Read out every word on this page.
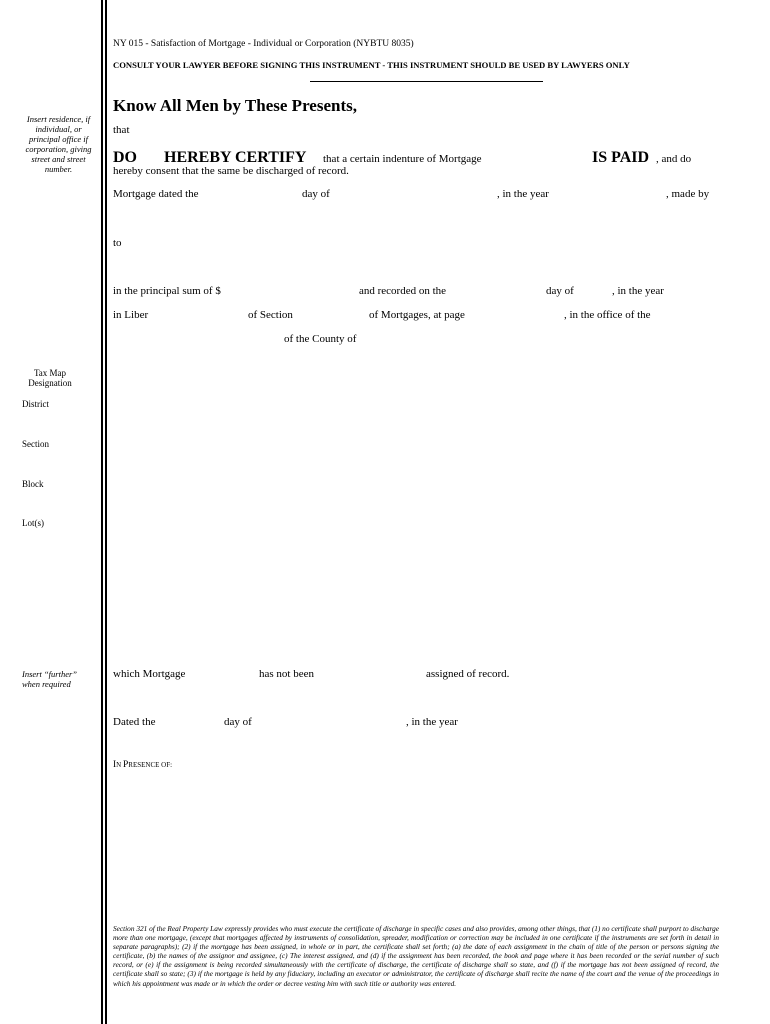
NY 015 - Satisfaction of Mortgage - Individual or Corporation (NYBTU 8035)
CONSULT YOUR LAWYER BEFORE SIGNING THIS INSTRUMENT - THIS INSTRUMENT SHOULD BE USED BY LAWYERS ONLY
Insert residence, if individual, or principal office if corporation, giving street and street number.
Tax Map
Designation
District
Section
Block
Lot(s)
Insert “further”
when required
Know All Men by These Presents,
that
DO HEREBY CERTIFY that a certain indenture of Mortgage	IS PAID , and do
hereby consent that the same be discharged of record.
Mortgage dated the	day of	, in the year	, made by
to
in the principal sum of $	and recorded on the	day of	, in the year
in Liber	of Section	of Mortgages, at page	, in the office of the
of the County of
which Mortgage	has not been	assigned of record.
Dated the	day of	, in the year
IN PRESENCE OF:
Section 321 of the Real Property Law expressly provides who must execute the certificate of discharge in specific cases and also provides, among other things, that (1) no certificate shall purport to discharge more than one mortgage, (except that mortgages affected by instruments of consolidation, spreader, modification or correction may be included in one certificate if the instruments are set forth in detail in separate paragraphs); (2) if the mortgage has been assigned, in whole or in part, the certificate shall set forth; (a) the date of each assignment in the chain of title of the person or persons signing the certificate, (b) the names of the assignor and assignee, (c) The interest assigned, and (d) if the assignment has been recorded, the book and page where it has been recorded or the serial number of such record, or (e) if the assignment is being recorded simultaneously with the certificate of discharge, the certificate of discharge shall so state, and (f) if the mortgage has not been assigned of record, the certificate shall so state; (3) if the mortgage is held by any fiduciary, including an executor or administrator, the certificate of discharge shall recite the name of the court and the venue of the proceedings in which his appointment was made or in which the order or decree vesting him with such title or authority was entered.
